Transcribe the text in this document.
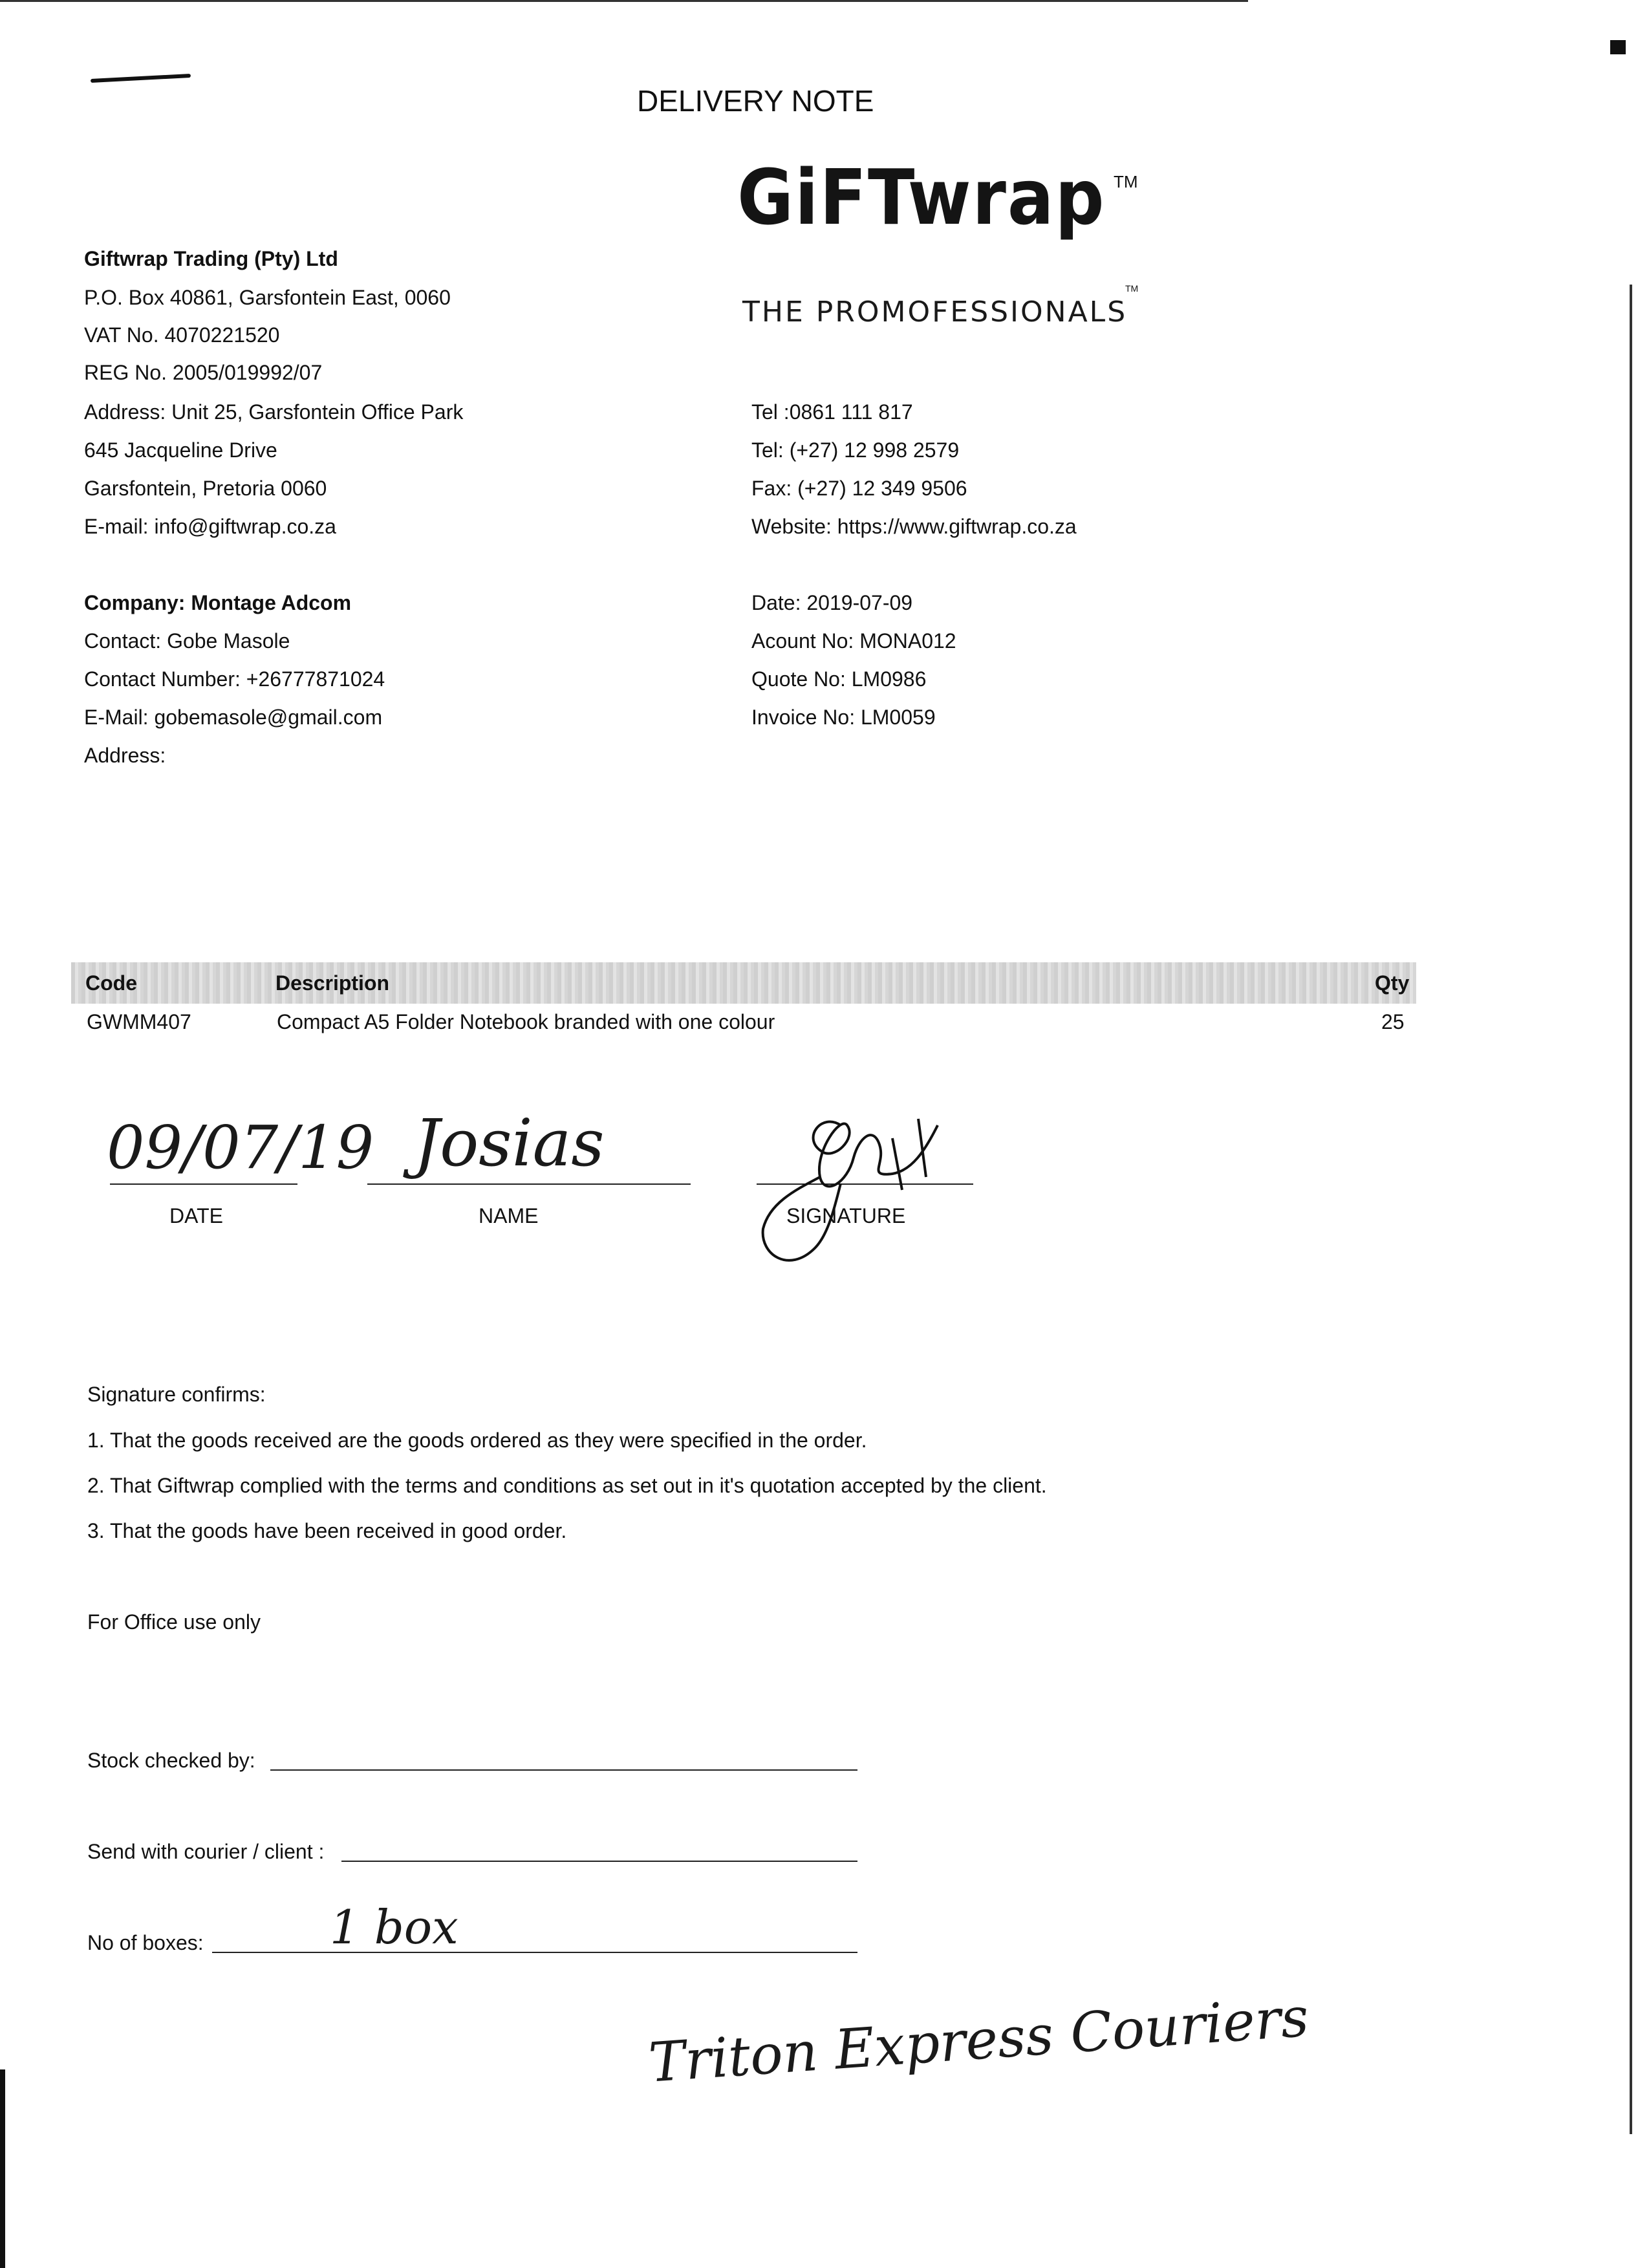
DELIVERY NOTE
GiFTwrap TM
THE PROMOFESSIONALS
TM
Giftwrap Trading (Pty) Ltd
P.O. Box 40861, Garsfontein East, 0060
VAT No. 4070221520
REG No. 2005/019992/07
Address: Unit 25, Garsfontein Office Park
645 Jacqueline Drive
Garsfontein, Pretoria 0060
E-mail: info@giftwrap.co.za
Tel :0861 111 817
Tel: (+27) 12 998 2579
Fax: (+27) 12 349 9506
Website: https://www.giftwrap.co.za
Company: Montage Adcom
Contact: Gobe Masole
Contact Number: +26777871024
E-Mail: gobemasole@gmail.com
Address:
Date: 2019-07-09
Acount No: MONA012
Quote No: LM0986
Invoice No: LM0059
Code	Description	Qty
GWMM407	Compact A5 Folder Notebook branded with one colour	25
DATE	NAME	SIGNATURE
09/07/19 Josias
Signature confirms:
1. That the goods received are the goods ordered as they were specified in the order.
2. That Giftwrap complied with the terms and conditions as set out in it's quotation accepted by the client.
3. That the goods have been received in good order.
For Office use only
Stock checked by:
Send with courier / client :
No of boxes:	1 box
Triton Express Couriers
